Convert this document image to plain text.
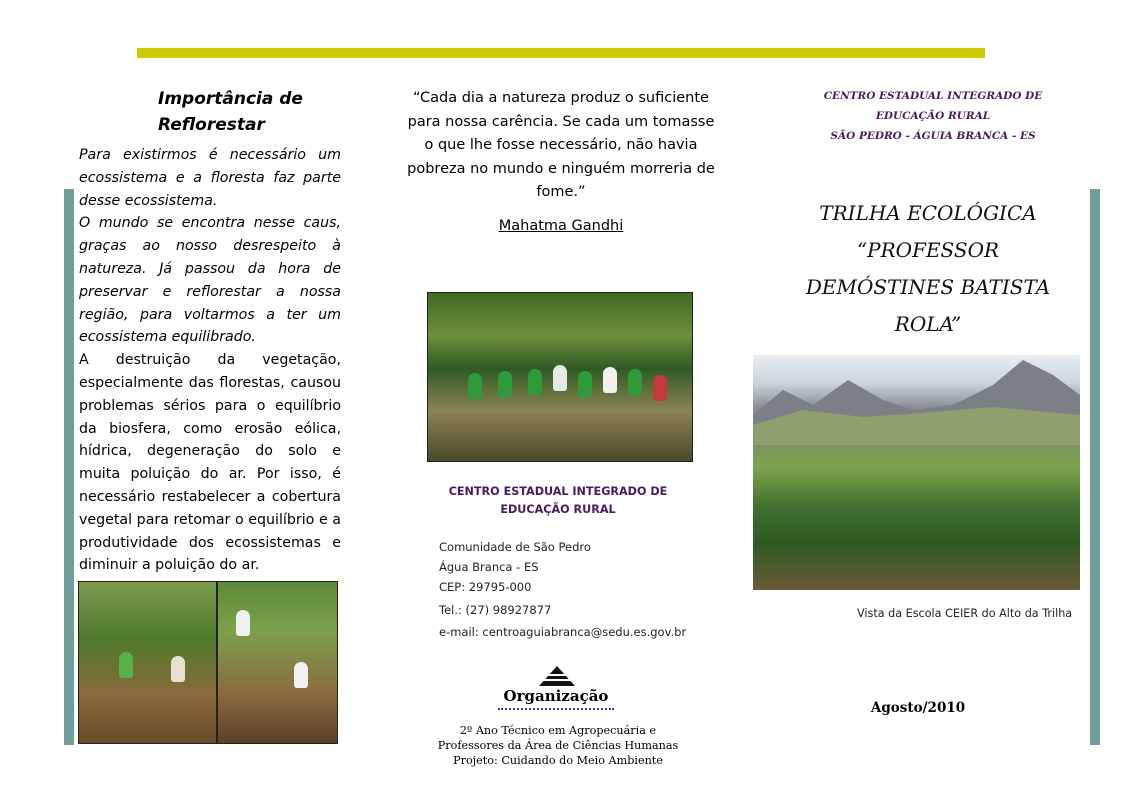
Importância de
Reflorestar

Para existirmos é necessário um ecossistema e a floresta faz parte desse ecossistema.

O mundo se encontra nesse caus, graças ao nosso desrespeito à natureza. Já passou da hora de preservar e reflorestar a nossa região, para voltarmos a ter um ecossistema equilibrado.

A destruição da vegetação, especialmente das florestas, causou problemas sérios para o equilíbrio da biosfera, como erosão eólica, hídrica, degeneração do solo e muita poluição do ar. Por isso, é necessário restabelecer a cobertura vegetal para retomar o equilíbrio e a produtividade dos ecossistemas e diminuir a poluição do ar.

“Cada dia a natureza produz o suficiente para nossa carência. Se cada um tomasse o que lhe fosse necessário, não havia pobreza no mundo e ninguém morreria de fome.”
Mahatma Gandhi
CENTRO ESTADUAL INTEGRADO DE
EDUCAÇÃO RURAL
Comunidade de São Pedro
Água Branca - ES
CEP: 29795-000
Tel.: (27) 98927877
e-mail: centroaguiabranca@sedu.es.gov.br
Organização
2º Ano Técnico em Agropecuária e
Professores da Área de Ciências Humanas
Projeto: Cuidando do Meio Ambiente
CENTRO ESTADUAL INTEGRADO DE
EDUCAÇÃO RURAL
SÃO PEDRO - ÁGUIA BRANCA - ES
TRILHA ECOLÓGICA
“PROFESSOR
DEMÓSTINES BATISTA
ROLA”
Vista da Escola CEIER do Alto da Trilha
Agosto/2010
